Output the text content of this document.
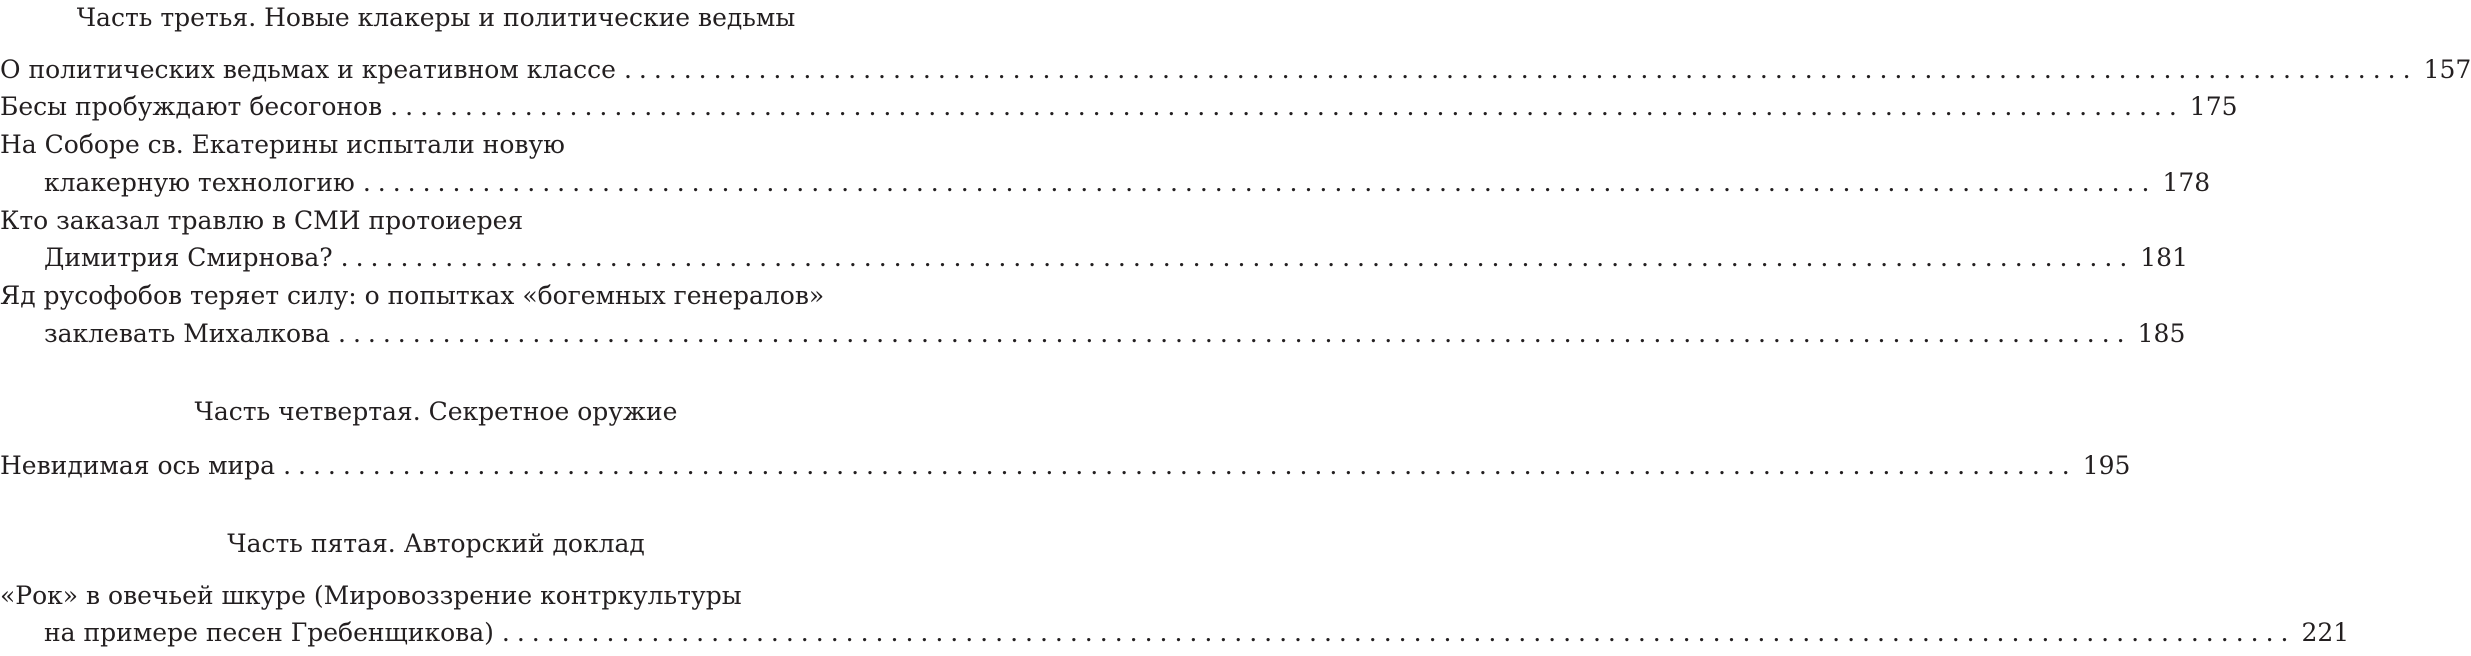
Часть третья. Новые клакеры и политические ведьмы
О политических ведьмах и креативном классе ........................................................................................................................ 157
Бесы пробуждают бесогонов ........................................................................................................................ 175
На Соборе св. Екатерины испытали новую
клакерную технологию ........................................................................................................................ 178
Кто заказал травлю в СМИ протоиерея
Димитрия Смирнова? ........................................................................................................................ 181
Яд русофобов теряет силу: о попытках «богемных генералов»
заклевать Михалкова ........................................................................................................................ 185
Часть четвертая. Секретное оружие
Невидимая ось мира ........................................................................................................................ 195
Часть пятая. Авторский доклад
«Рок» в овечьей шкуре (Мировоззрение контркультуры
на примере песен Гребенщикова) ........................................................................................................................ 221
